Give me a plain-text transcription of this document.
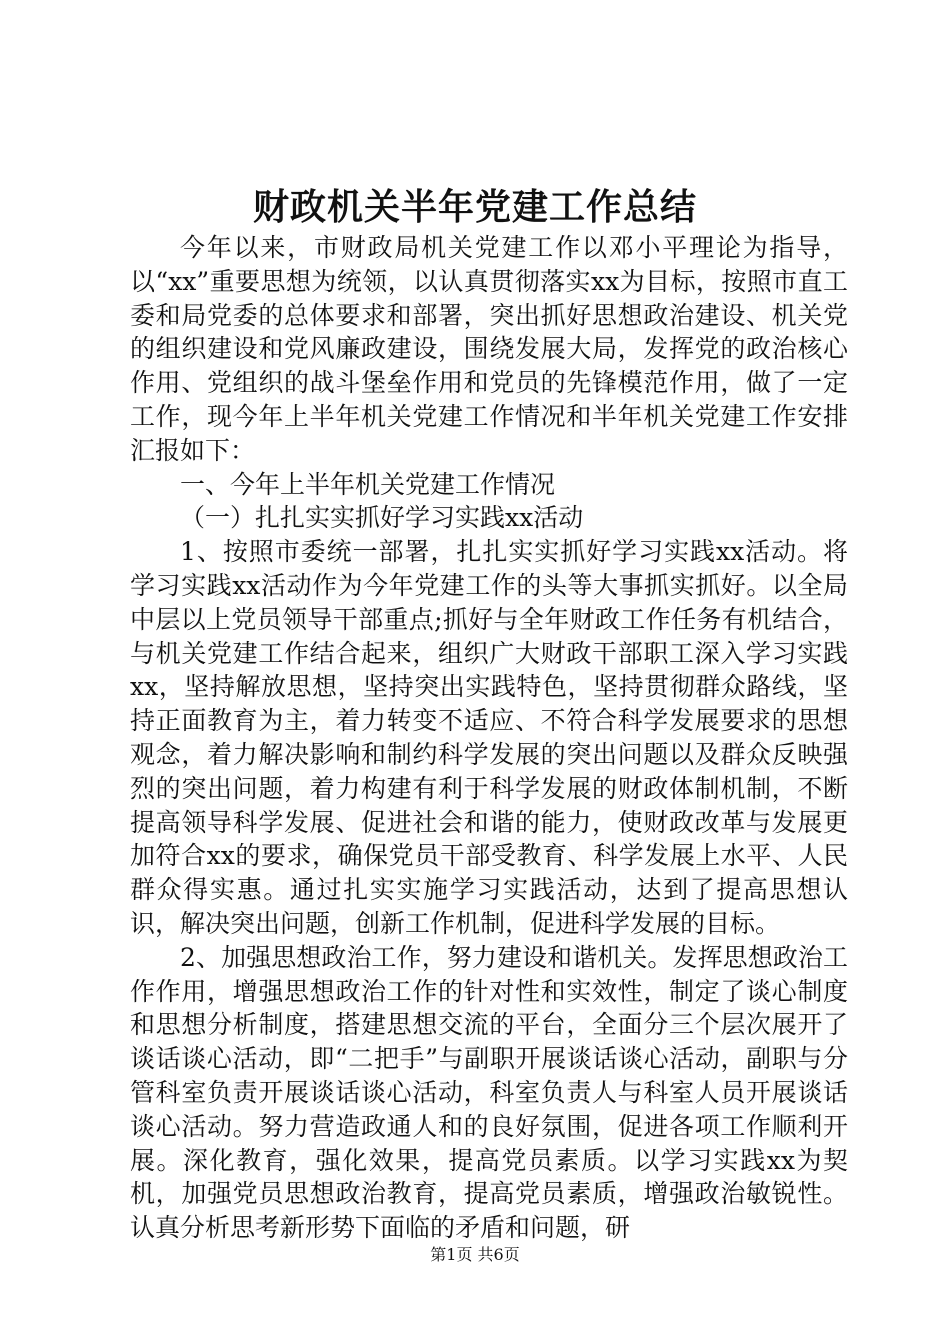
财政机关半年党建工作总结

今年以来，市财政局机关党建工作以邓小平理论为指导，以“xx”重要思想为统领，以认真贯彻落实xx为目标，按照市直工委和局党委的总体要求和部署，突出抓好思想政治建设、机关党的组织建设和党风廉政建设，围绕发展大局，发挥党的政治核心作用、党组织的战斗堡垒作用和党员的先锋模范作用，做了一定工作，现今年上半年机关党建工作情况和半年机关党建工作安排汇报如下：

一、今年上半年机关党建工作情况

（一）扎扎实实抓好学习实践xx活动

1、按照市委统一部署，扎扎实实抓好学习实践xx活动。将学习实践xx活动作为今年党建工作的头等大事抓实抓好。以全局中层以上党员领导干部重点;抓好与全年财政工作任务有机结合，与机关党建工作结合起来，组织广大财政干部职工深入学习实践xx，坚持解放思想，坚持突出实践特色，坚持贯彻群众路线，坚持正面教育为主，着力转变不适应、不符合科学发展要求的思想观念，着力解决影响和制约科学发展的突出问题以及群众反映强烈的突出问题，着力构建有利于科学发展的财政体制机制，不断提高领导科学发展、促进社会和谐的能力，使财政改革与发展更加符合xx的要求，确保党员干部受教育、科学发展上水平、人民群众得实惠。通过扎实实施学习实践活动，达到了提高思想认识，解决突出问题，创新工作机制，促进科学发展的目标。

2、加强思想政治工作，努力建设和谐机关。发挥思想政治工作作用，增强思想政治工作的针对性和实效性，制定了谈心制度和思想分析制度，搭建思想交流的平台，全面分三个层次展开了谈话谈心活动，即“二把手”与副职开展谈话谈心活动，副职与分管科室负责开展谈话谈心活动，科室负责人与科室人员开展谈话谈心活动。努力营造政通人和的良好氛围，促进各项工作顺利开展。深化教育，强化效果，提高党员素质。以学习实践xx为契机，加强党员思想政治教育，提高党员素质，增强政治敏锐性。认真分析思考新形势下面临的矛盾和问题，研

第1页 共6页
